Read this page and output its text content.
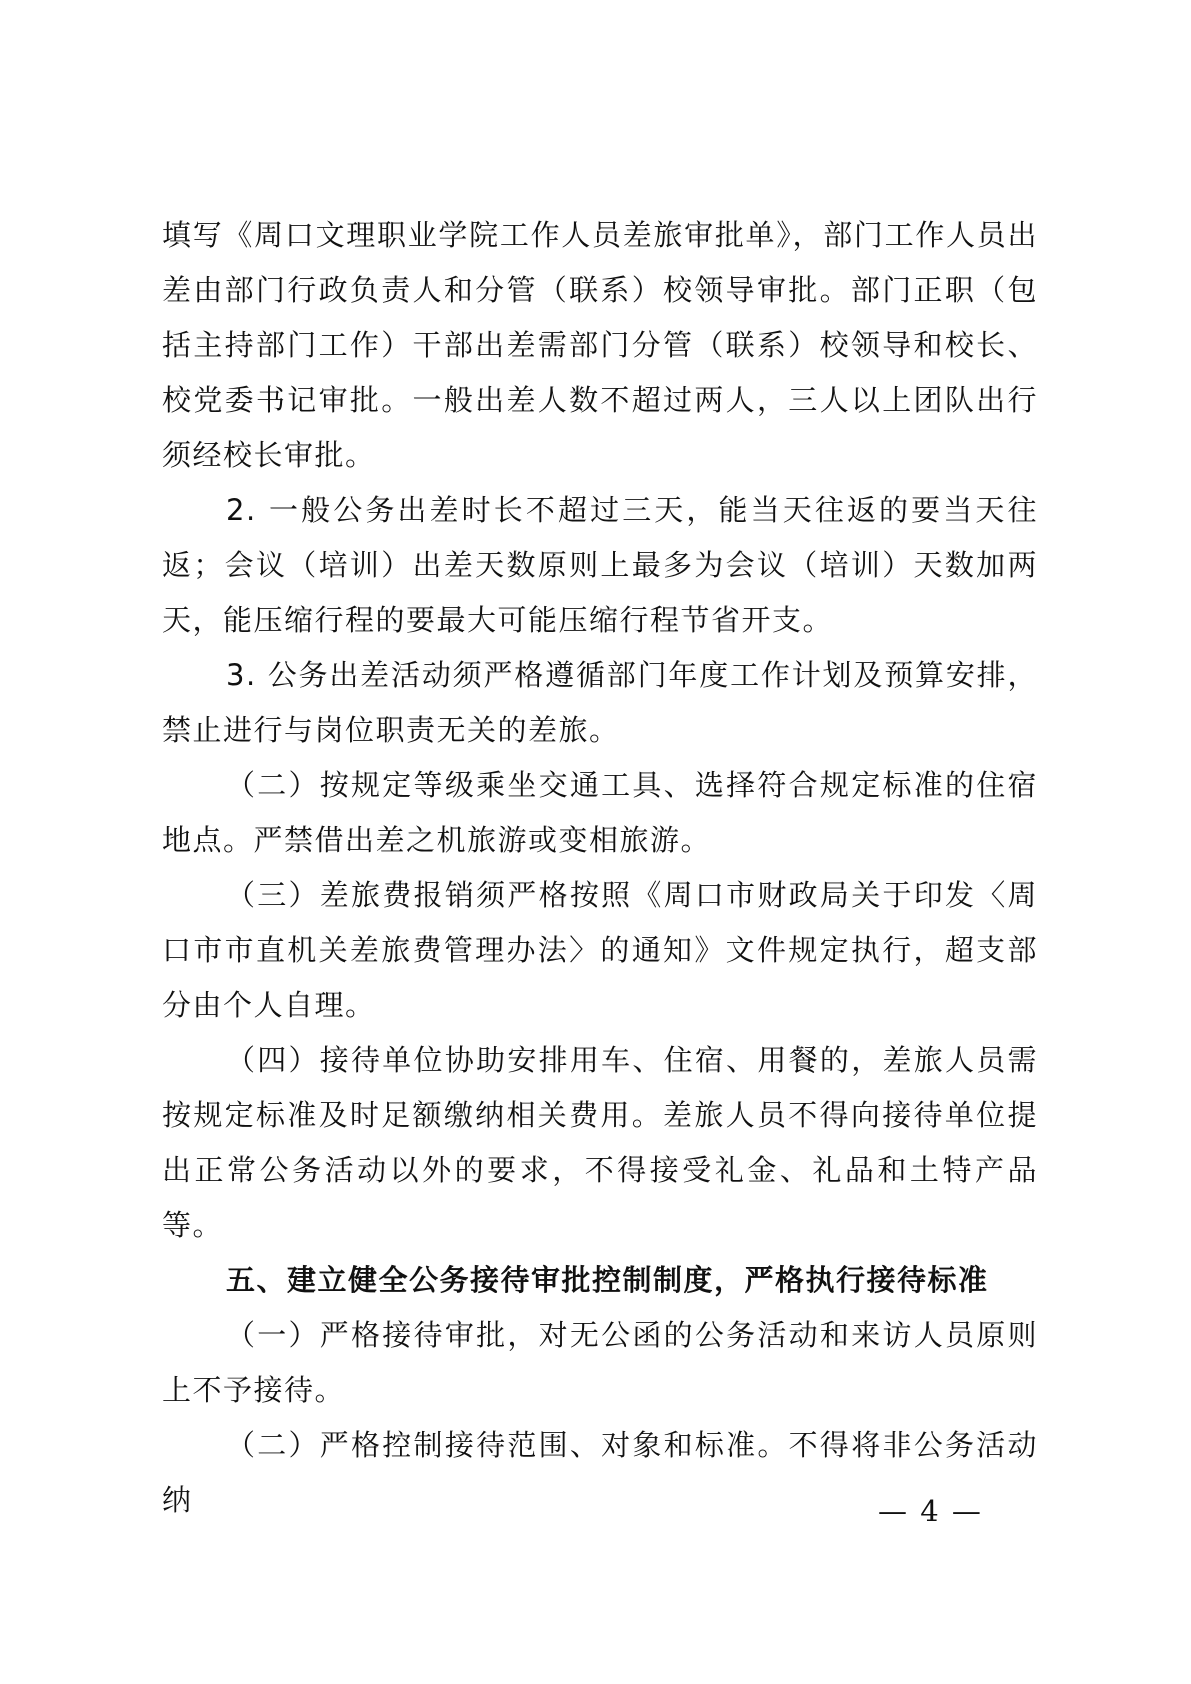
填写《周口文理职业学院工作人员差旅审批单》，部门工作人员出差由部门行政负责人和分管（联系）校领导审批。部门正职（包括主持部门工作）干部出差需部门分管（联系）校领导和校长、校党委书记审批。一般出差人数不超过两人，三人以上团队出行须经校长审批。

2. 一般公务出差时长不超过三天，能当天往返的要当天往返；会议（培训）出差天数原则上最多为会议（培训）天数加两天，能压缩行程的要最大可能压缩行程节省开支。

3. 公务出差活动须严格遵循部门年度工作计划及预算安排，禁止进行与岗位职责无关的差旅。

（二）按规定等级乘坐交通工具、选择符合规定标准的住宿地点。严禁借出差之机旅游或变相旅游。

（三）差旅费报销须严格按照《周口市财政局关于印发〈周口市市直机关差旅费管理办法〉的通知》文件规定执行，超支部分由个人自理。

（四）接待单位协助安排用车、住宿、用餐的，差旅人员需按规定标准及时足额缴纳相关费用。差旅人员不得向接待单位提出正常公务活动以外的要求，不得接受礼金、礼品和土特产品等。

五、建立健全公务接待审批控制制度，严格执行接待标准

（一）严格接待审批，对无公函的公务活动和来访人员原则上不予接待。

（二）严格控制接待范围、对象和标准。不得将非公务活动纳	— 4 —
